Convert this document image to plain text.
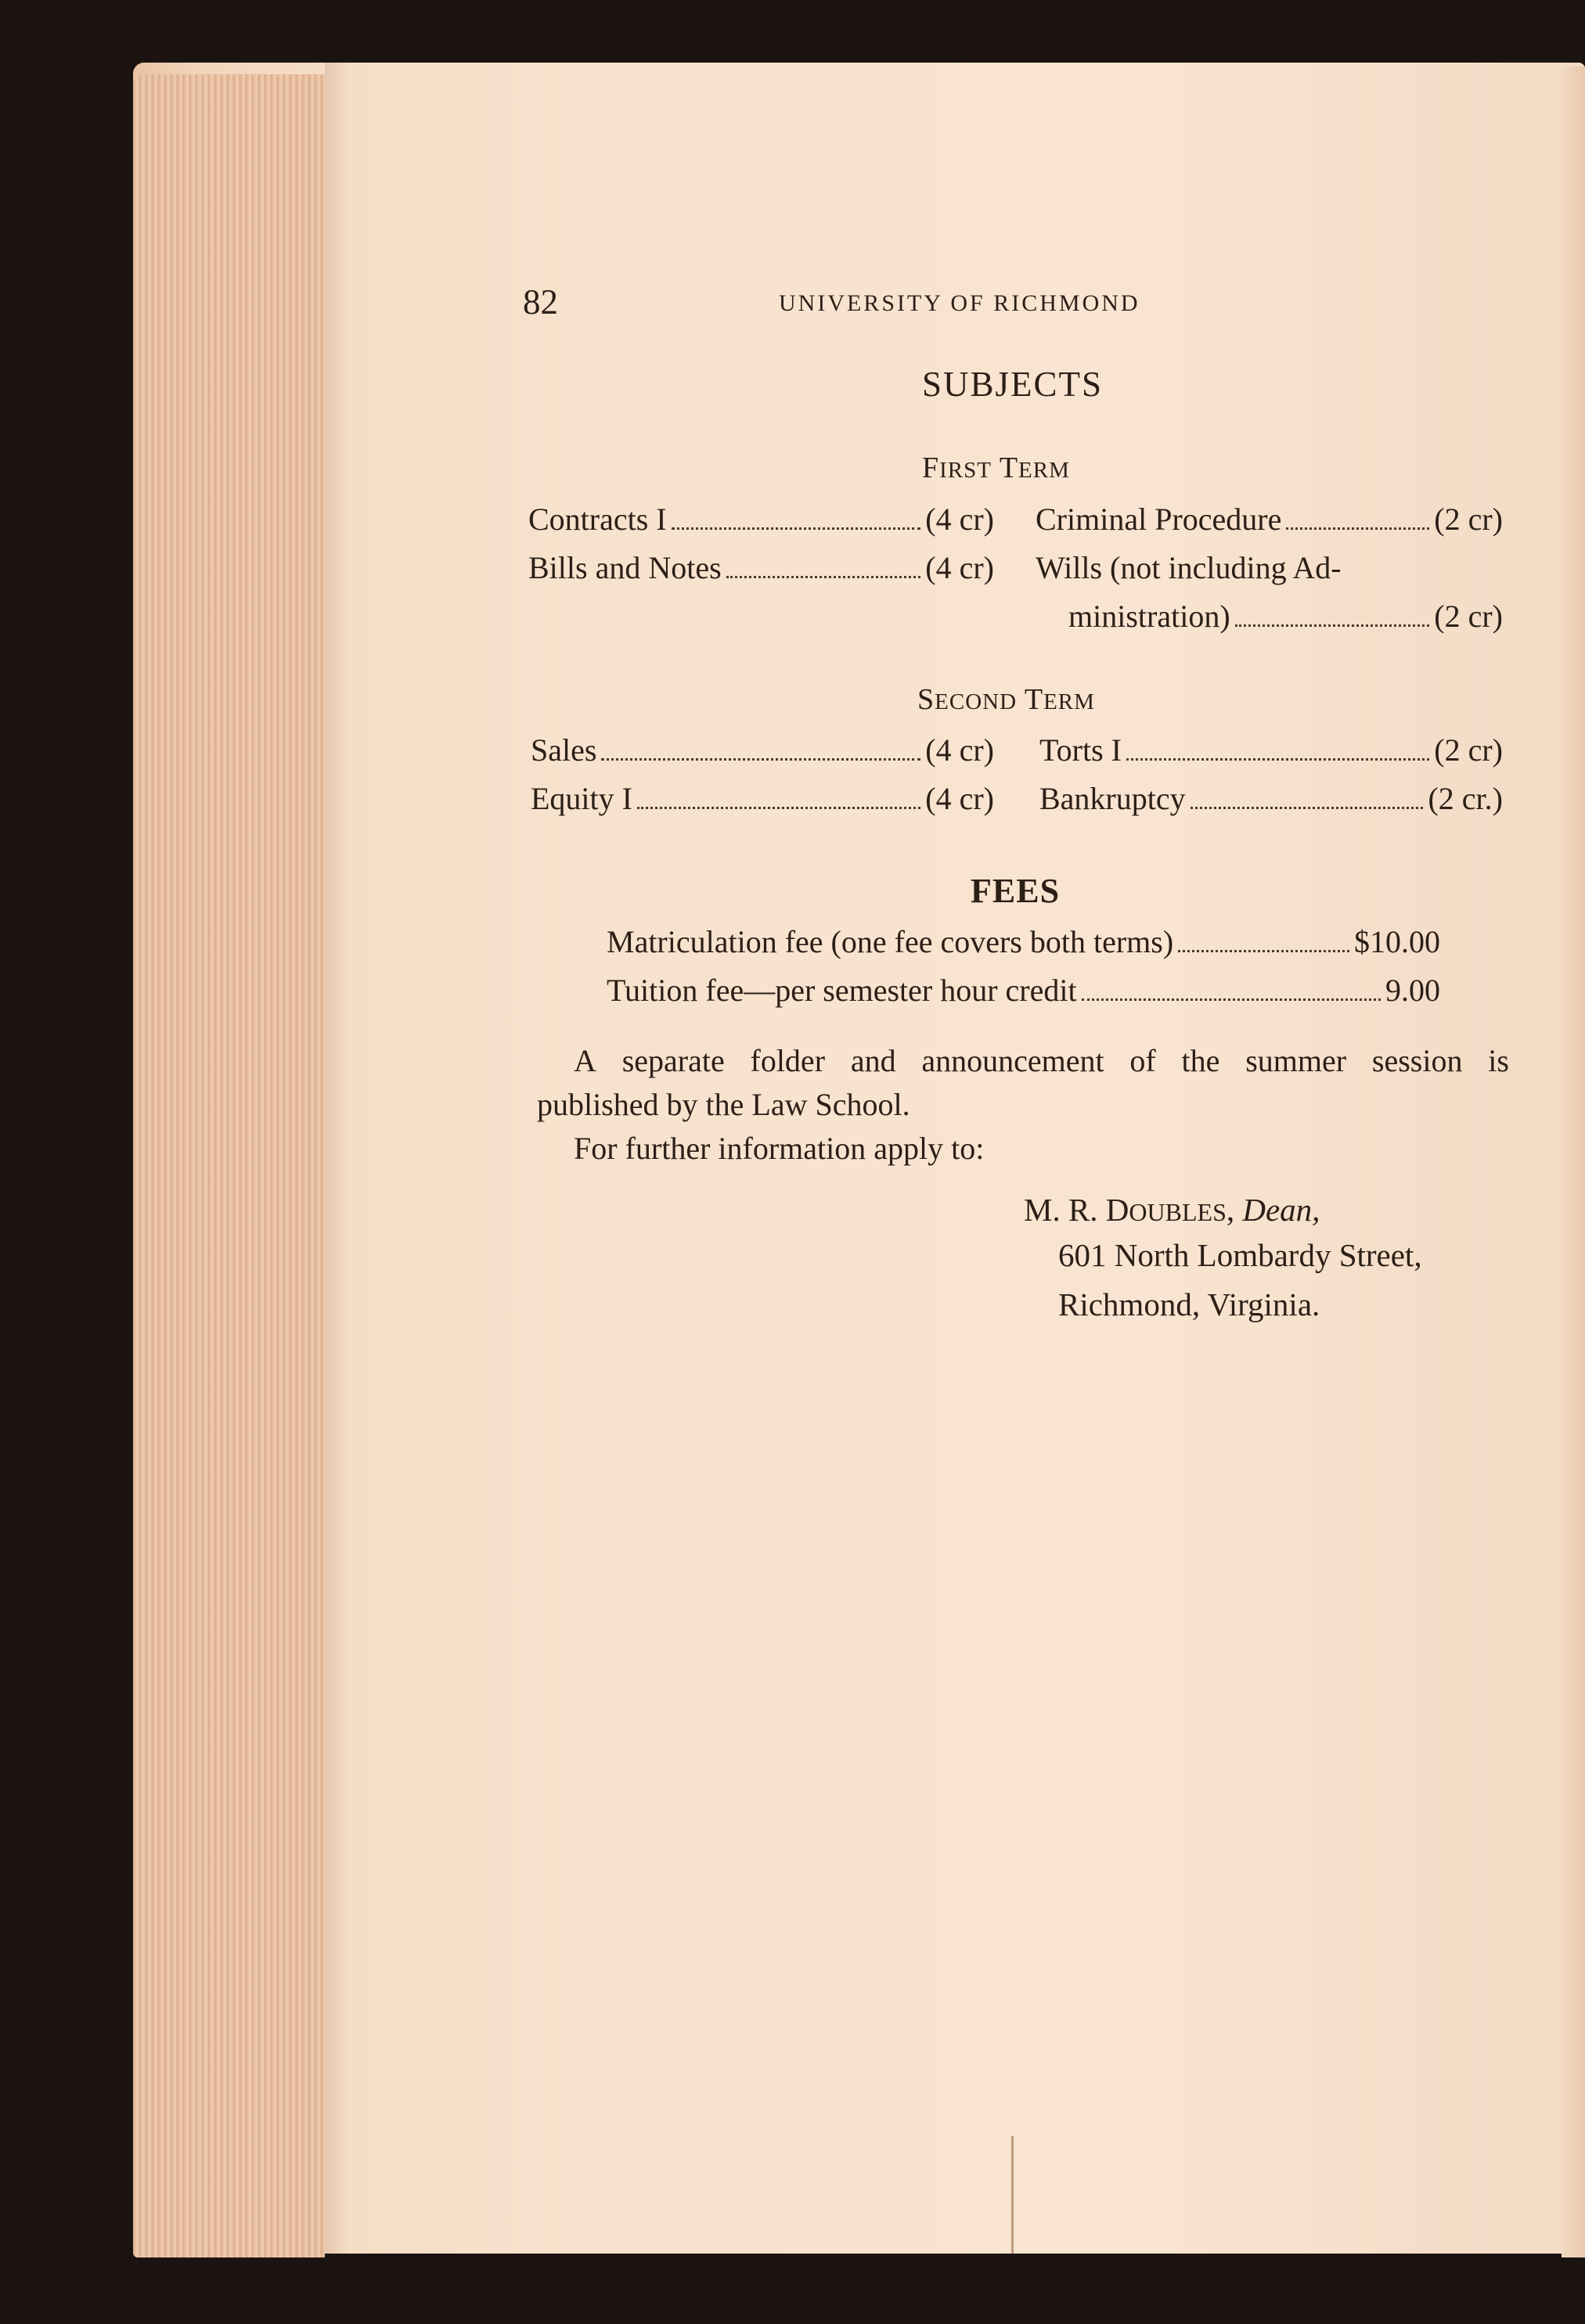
82	UNIVERSITY OF RICHMOND
SUBJECTS
FIRST TERM
Contracts I	(4 cr)
Bills and Notes	(4 cr)
Criminal Procedure	(2 cr)
Wills (not including Ad-
ministration)	(2 cr)
SECOND TERM
Sales	(4 cr)
Equity I	(4 cr)
Torts I	(2 cr)
Bankruptcy	(2 cr.)
FEES
Matriculation fee (one fee covers both terms)	$10.00
Tuition fee—per semester hour credit	9.00
A separate folder and announcement of the summer session is
published by the Law School.
For further information apply to:
M. R. DOUBLES, Dean,
601 North Lombardy Street,
Richmond, Virginia.
